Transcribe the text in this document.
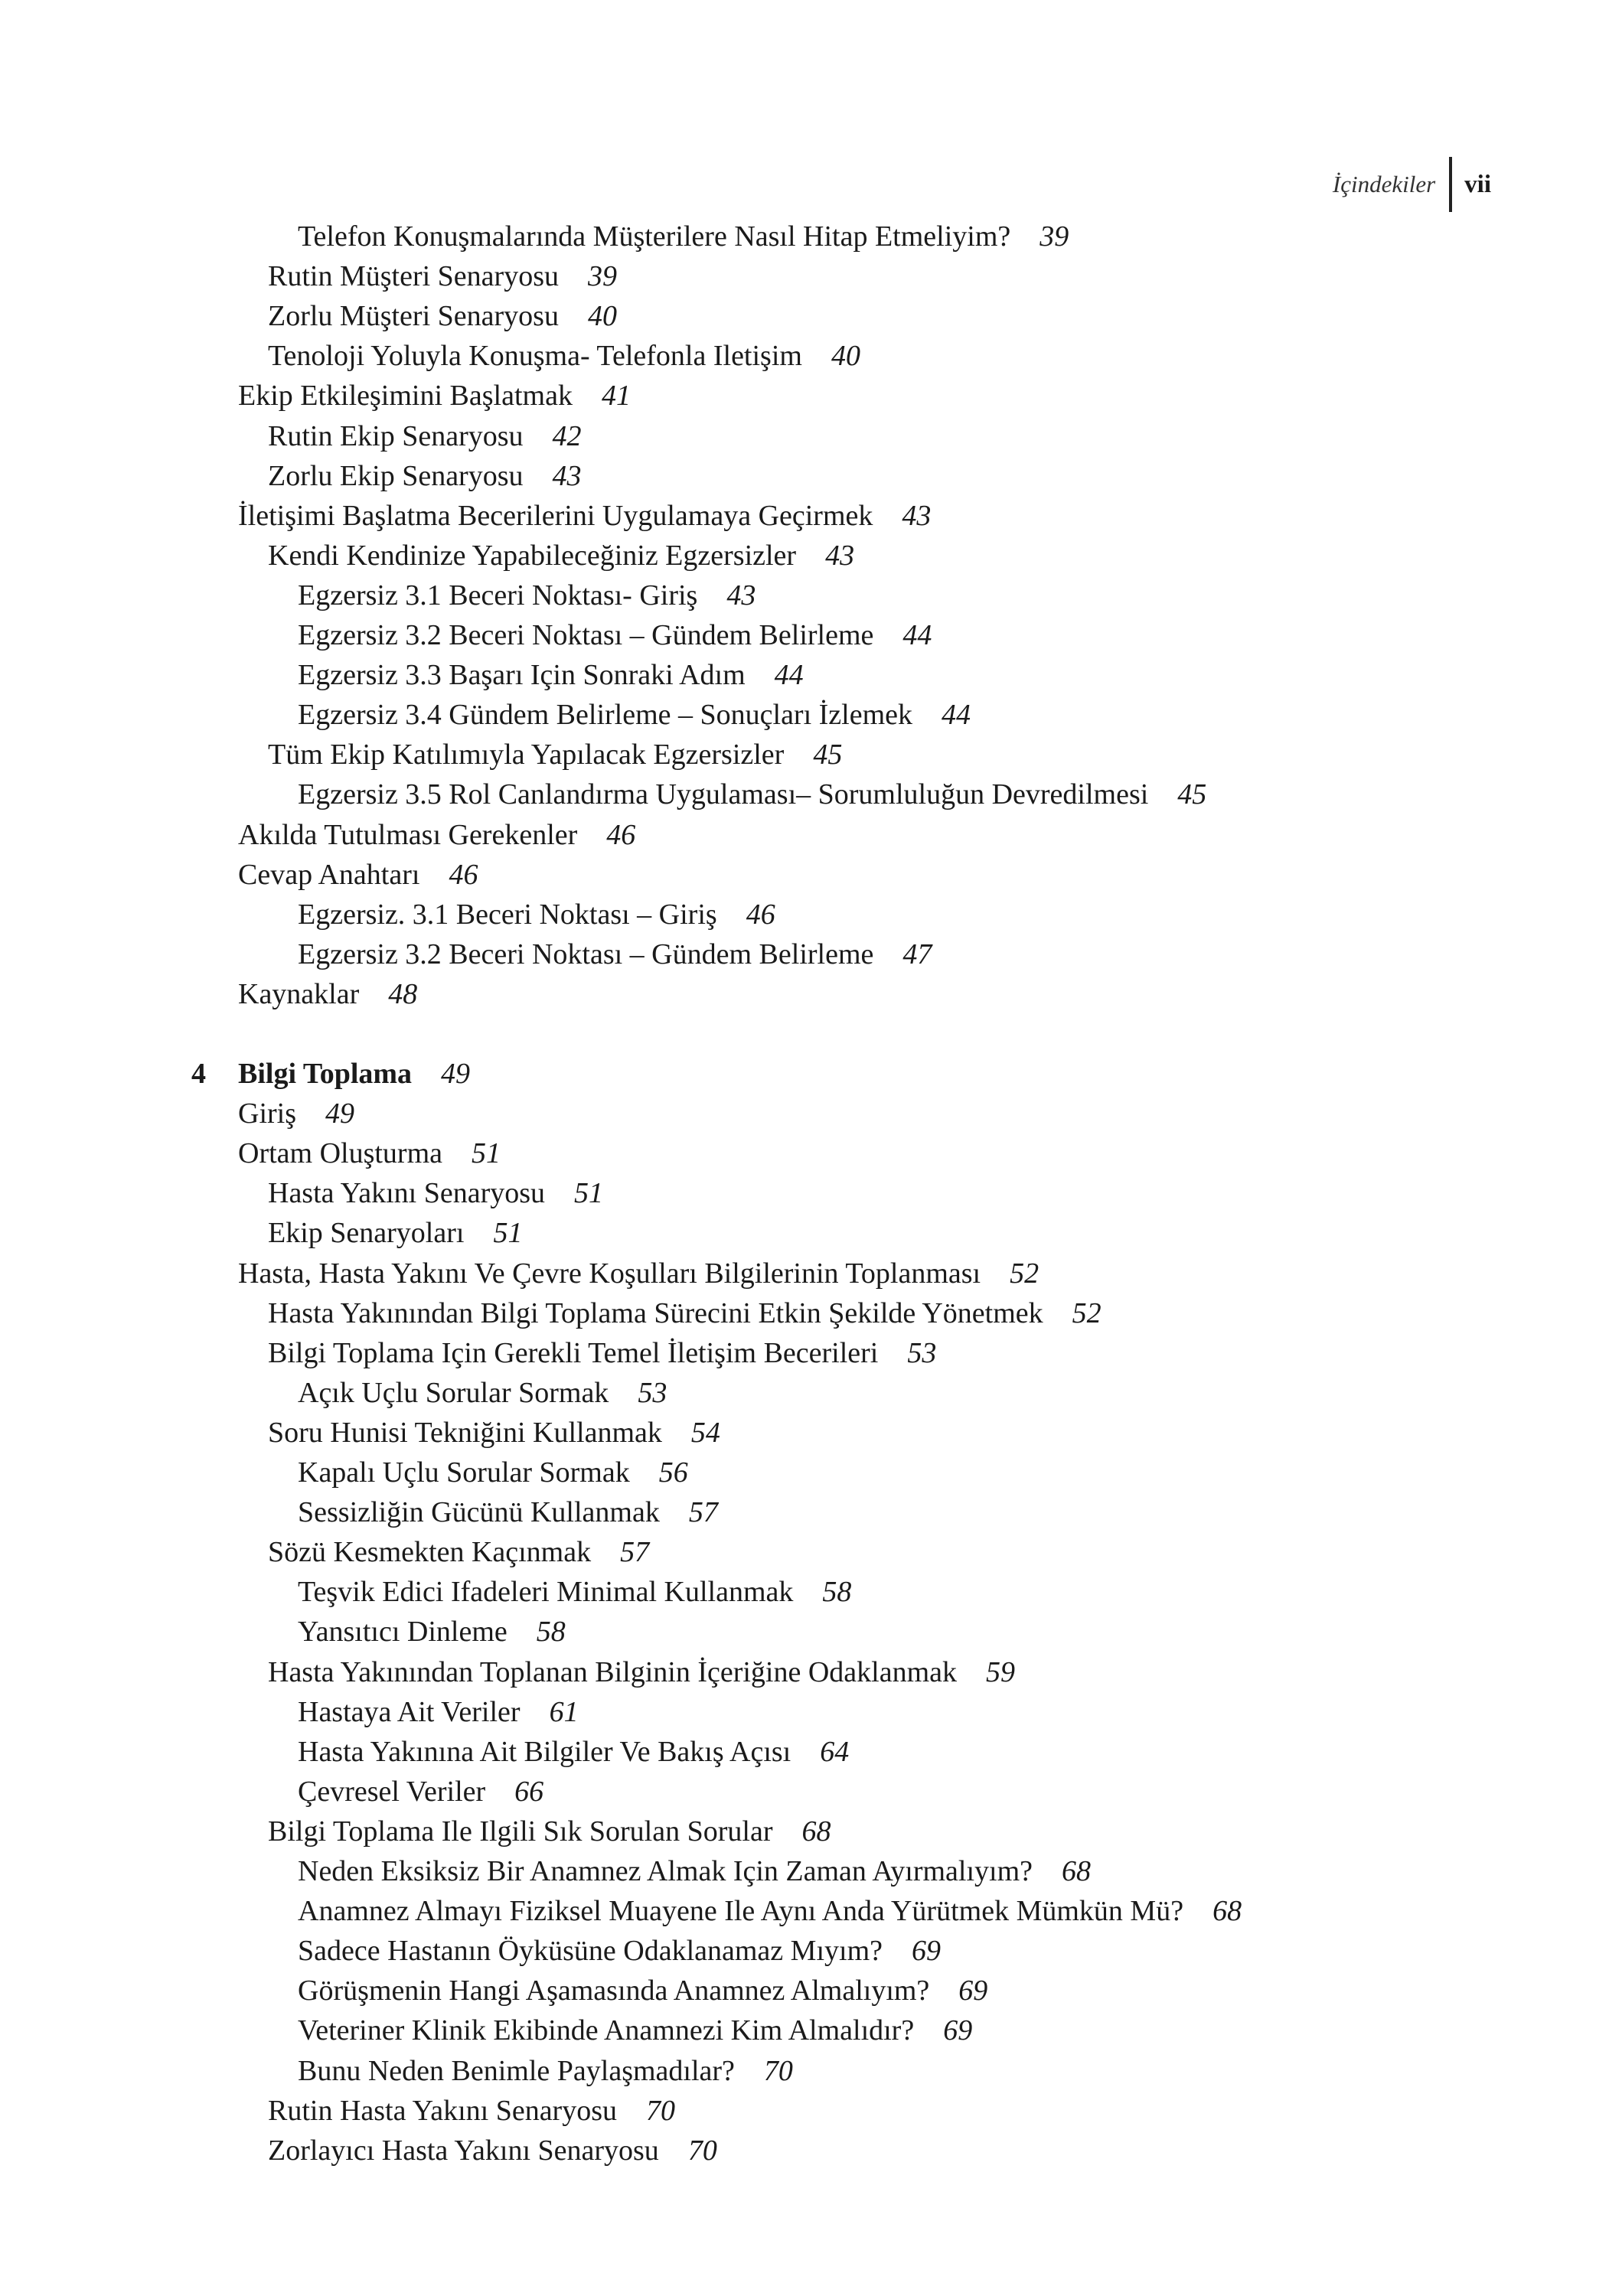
İçindekiler	vii
Telefon Konuşmalarında Müşterilere Nasıl Hitap Etmeliyim? 39
Rutin Müşteri Senaryosu 39
Zorlu Müşteri Senaryosu 40
Tenoloji Yoluyla Konuşma- Telefonla Iletişim 40
Ekip Etkileşimini Başlatmak 41
Rutin Ekip Senaryosu 42
Zorlu Ekip Senaryosu 43
İletişimi Başlatma Becerilerini Uygulamaya Geçirmek 43
Kendi Kendinize Yapabileceğiniz Egzersizler 43
Egzersiz 3.1 Beceri Noktası- Giriş 43
Egzersiz 3.2 Beceri Noktası – Gündem Belirleme 44
Egzersiz 3.3 Başarı Için Sonraki Adım 44
Egzersiz 3.4 Gündem Belirleme – Sonuçları İzlemek 44
Tüm Ekip Katılımıyla Yapılacak Egzersizler 45
Egzersiz 3.5 Rol Canlandırma Uygulaması– Sorumluluğun Devredilmesi 45
Akılda Tutulması Gerekenler 46
Cevap Anahtarı 46
Egzersiz. 3.1 Beceri Noktası – Giriş 46
Egzersiz 3.2 Beceri Noktası – Gündem Belirleme 47
Kaynaklar 48
4 Bilgi Toplama 49
Giriş 49
Ortam Oluşturma 51
Hasta Yakını Senaryosu 51
Ekip Senaryoları 51
Hasta, Hasta Yakını Ve Çevre Koşulları Bilgilerinin Toplanması 52
Hasta Yakınından Bilgi Toplama Sürecini Etkin Şekilde Yönetmek 52
Bilgi Toplama Için Gerekli Temel İletişim Becerileri 53
Açık Uçlu Sorular Sormak 53
Soru Hunisi Tekniğini Kullanmak 54
Kapalı Uçlu Sorular Sormak 56
Sessizliğin Gücünü Kullanmak 57
Sözü Kesmekten Kaçınmak 57
Teşvik Edici Ifadeleri Minimal Kullanmak 58
Yansıtıcı Dinleme 58
Hasta Yakınından Toplanan Bilginin İçeriğine Odaklanmak 59
Hastaya Ait Veriler 61
Hasta Yakınına Ait Bilgiler Ve Bakış Açısı 64
Çevresel Veriler 66
Bilgi Toplama Ile Ilgili Sık Sorulan Sorular 68
Neden Eksiksiz Bir Anamnez Almak Için Zaman Ayırmalıyım? 68
Anamnez Almayı Fiziksel Muayene Ile Aynı Anda Yürütmek Mümkün Mü? 68
Sadece Hastanın Öyküsüne Odaklanamaz Mıyım? 69
Görüşmenin Hangi Aşamasında Anamnez Almalıyım? 69
Veteriner Klinik Ekibinde Anamnezi Kim Almalıdır? 69
Bunu Neden Benimle Paylaşmadılar? 70
Rutin Hasta Yakını Senaryosu 70
Zorlayıcı Hasta Yakını Senaryosu 70
